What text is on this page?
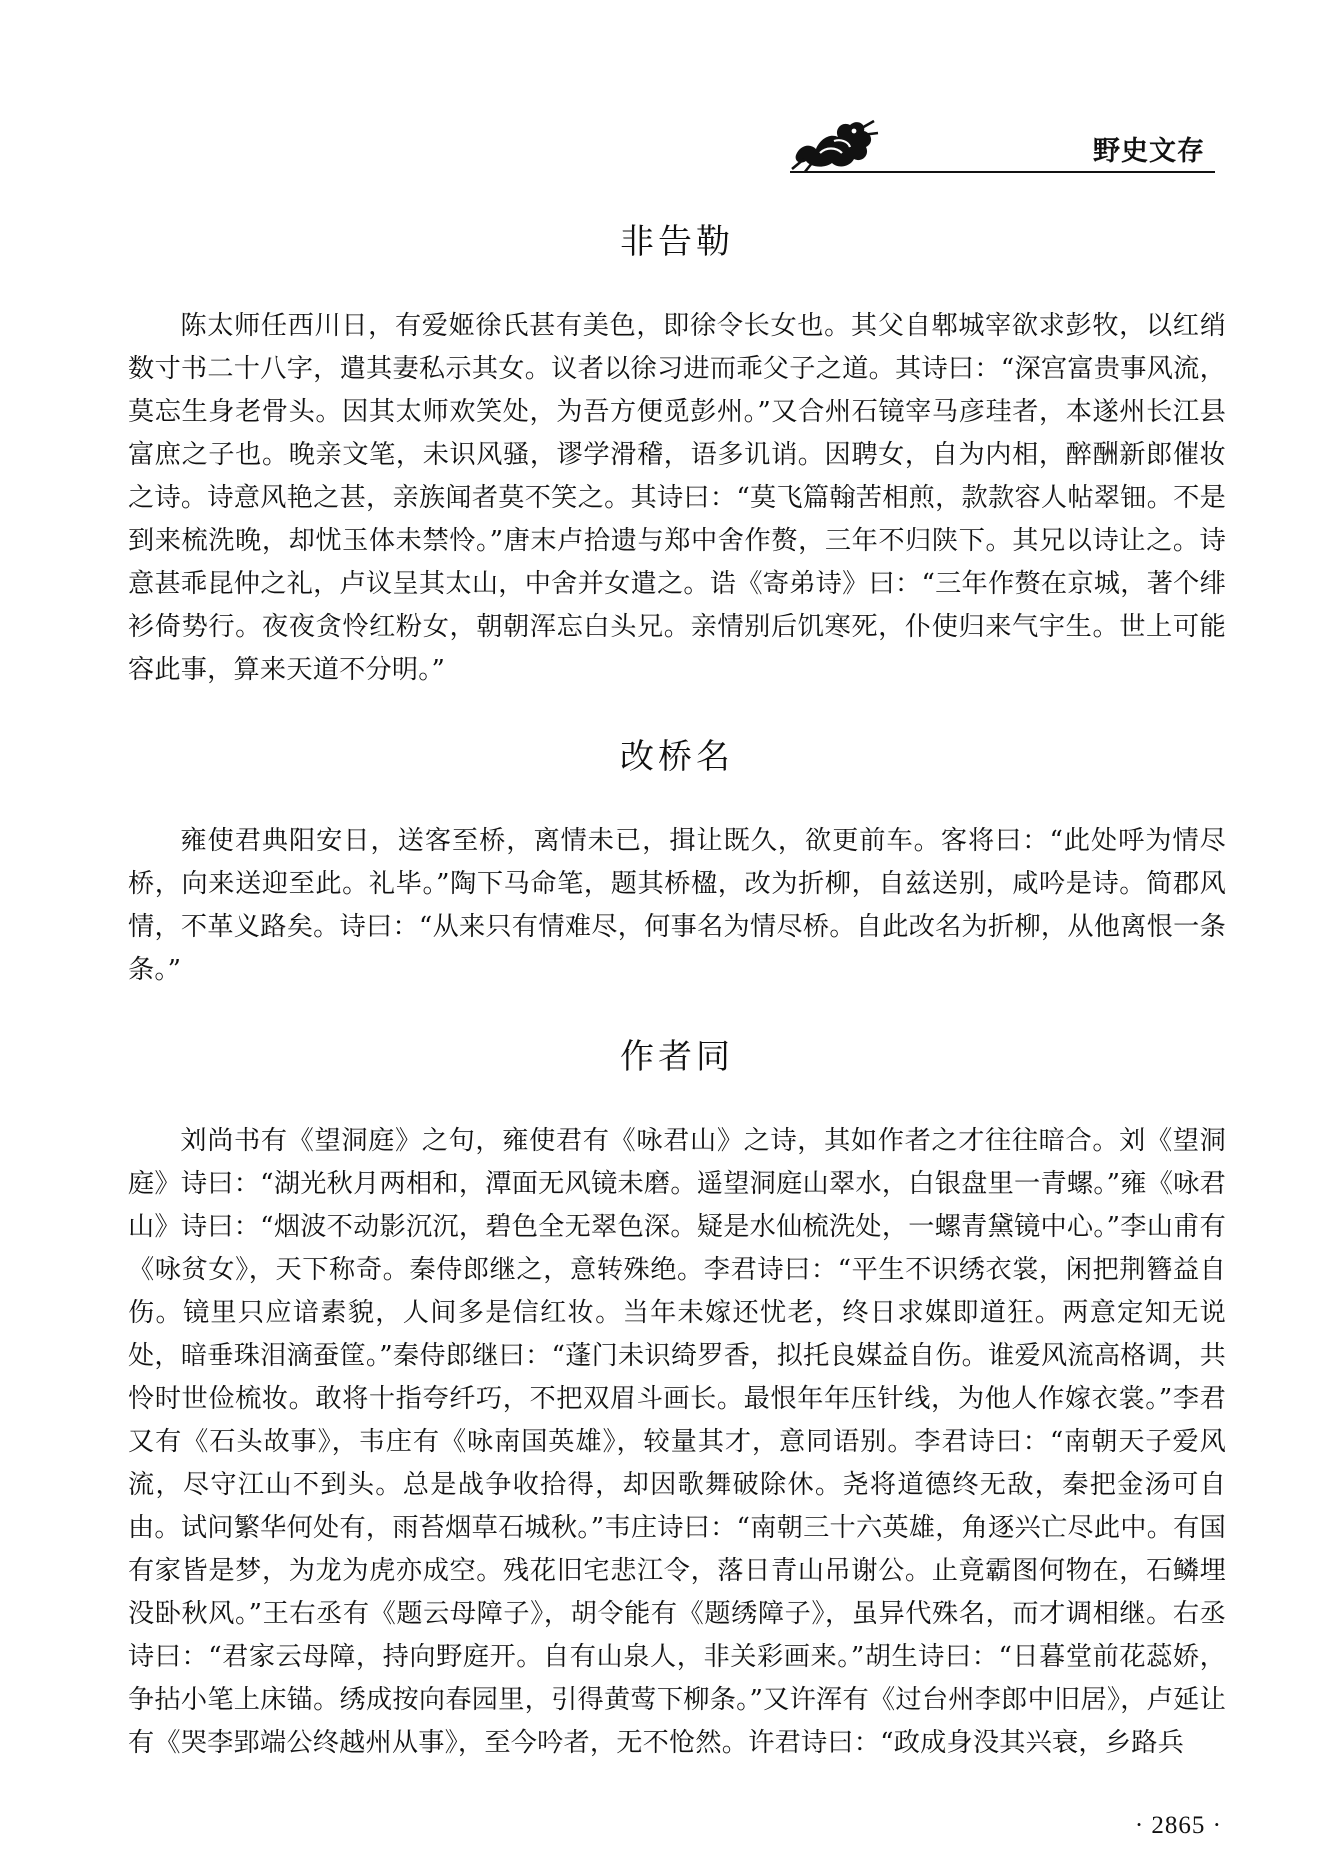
野史文存
非告勒

陈太师任西川日，有爱姬徐氏甚有美色，即徐令长女也。其父自郫城宰欲求彭牧，以红绡数寸书二十八字，遣其妻私示其女。议者以徐习进而乖父子之道。其诗曰：“深宫富贵事风流，莫忘生身老骨头。因其太师欢笑处，为吾方便觅彭州。”又合州石镜宰马彦珪者，本遂州长江县富庶之子也。晚亲文笔，未识风骚，谬学滑稽，语多讥诮。因聘女，自为内相，醉酬新郎催妆之诗。诗意风艳之甚，亲族闻者莫不笑之。其诗曰：“莫飞篇翰苦相煎，款款容人帖翠钿。不是到来梳洗晚，却忧玉体未禁怜。”唐末卢拾遗与郑中舍作赘，三年不归陕下。其兄以诗让之。诗意甚乖昆仲之礼，卢议呈其太山，中舍并女遣之。诰《寄弟诗》曰：“三年作赘在京城，著个绯衫倚势行。夜夜贪怜红粉女，朝朝浑忘白头兄。亲情别后饥寒死，仆使归来气宇生。世上可能容此事，算来天道不分明。”

改桥名

雍使君典阳安日，送客至桥，离情未已，揖让既久，欲更前车。客将曰：“此处呼为情尽桥，向来送迎至此。礼毕。”陶下马命笔，题其桥楹，改为折柳，自兹送别，咸吟是诗。简郡风情，不革义路矣。诗曰：“从来只有情难尽，何事名为情尽桥。自此改名为折柳，从他离恨一条条。”

作者同

刘尚书有《望洞庭》之句，雍使君有《咏君山》之诗，其如作者之才往往暗合。刘《望洞庭》诗曰：“湖光秋月两相和，潭面无风镜未磨。遥望洞庭山翠水，白银盘里一青螺。”雍《咏君山》诗曰：“烟波不动影沉沉，碧色全无翠色深。疑是水仙梳洗处，一螺青黛镜中心。”李山甫有《咏贫女》，天下称奇。秦侍郎继之，意转殊绝。李君诗曰：“平生不识绣衣裳，闲把荆簪益自伤。镜里只应谙素貌，人间多是信红妆。当年未嫁还忧老，终日求媒即道狂。两意定知无说处，暗垂珠泪滴蚕筐。”秦侍郎继曰：“蓬门未识绮罗香，拟托良媒益自伤。谁爱风流高格调，共怜时世俭梳妆。敢将十指夸纤巧，不把双眉斗画长。最恨年年压针线，为他人作嫁衣裳。”李君又有《石头故事》，韦庄有《咏南国英雄》，较量其才，意同语别。李君诗曰：“南朝天子爱风流，尽守江山不到头。总是战争收拾得，却因歌舞破除休。尧将道德终无敌，秦把金汤可自由。试问繁华何处有，雨苔烟草石城秋。”韦庄诗曰：“南朝三十六英雄，角逐兴亡尽此中。有国有家皆是梦，为龙为虎亦成空。残花旧宅悲江令，落日青山吊谢公。止竟霸图何物在，石鳞埋没卧秋风。”王右丞有《题云母障子》，胡令能有《题绣障子》，虽异代殊名，而才调相继。右丞诗曰：“君家云母障，持向野庭开。自有山泉人，非关彩画来。”胡生诗曰：“日暮堂前花蕊娇，争拈小笔上床锚。绣成按向春园里，引得黄莺下柳条。”又许浑有《过台州李郎中旧居》，卢延让有《哭李郢端公终越州从事》，至今吟者，无不怆然。许君诗曰：“政成身没其兴衰，乡路兵

· 2865 ·
